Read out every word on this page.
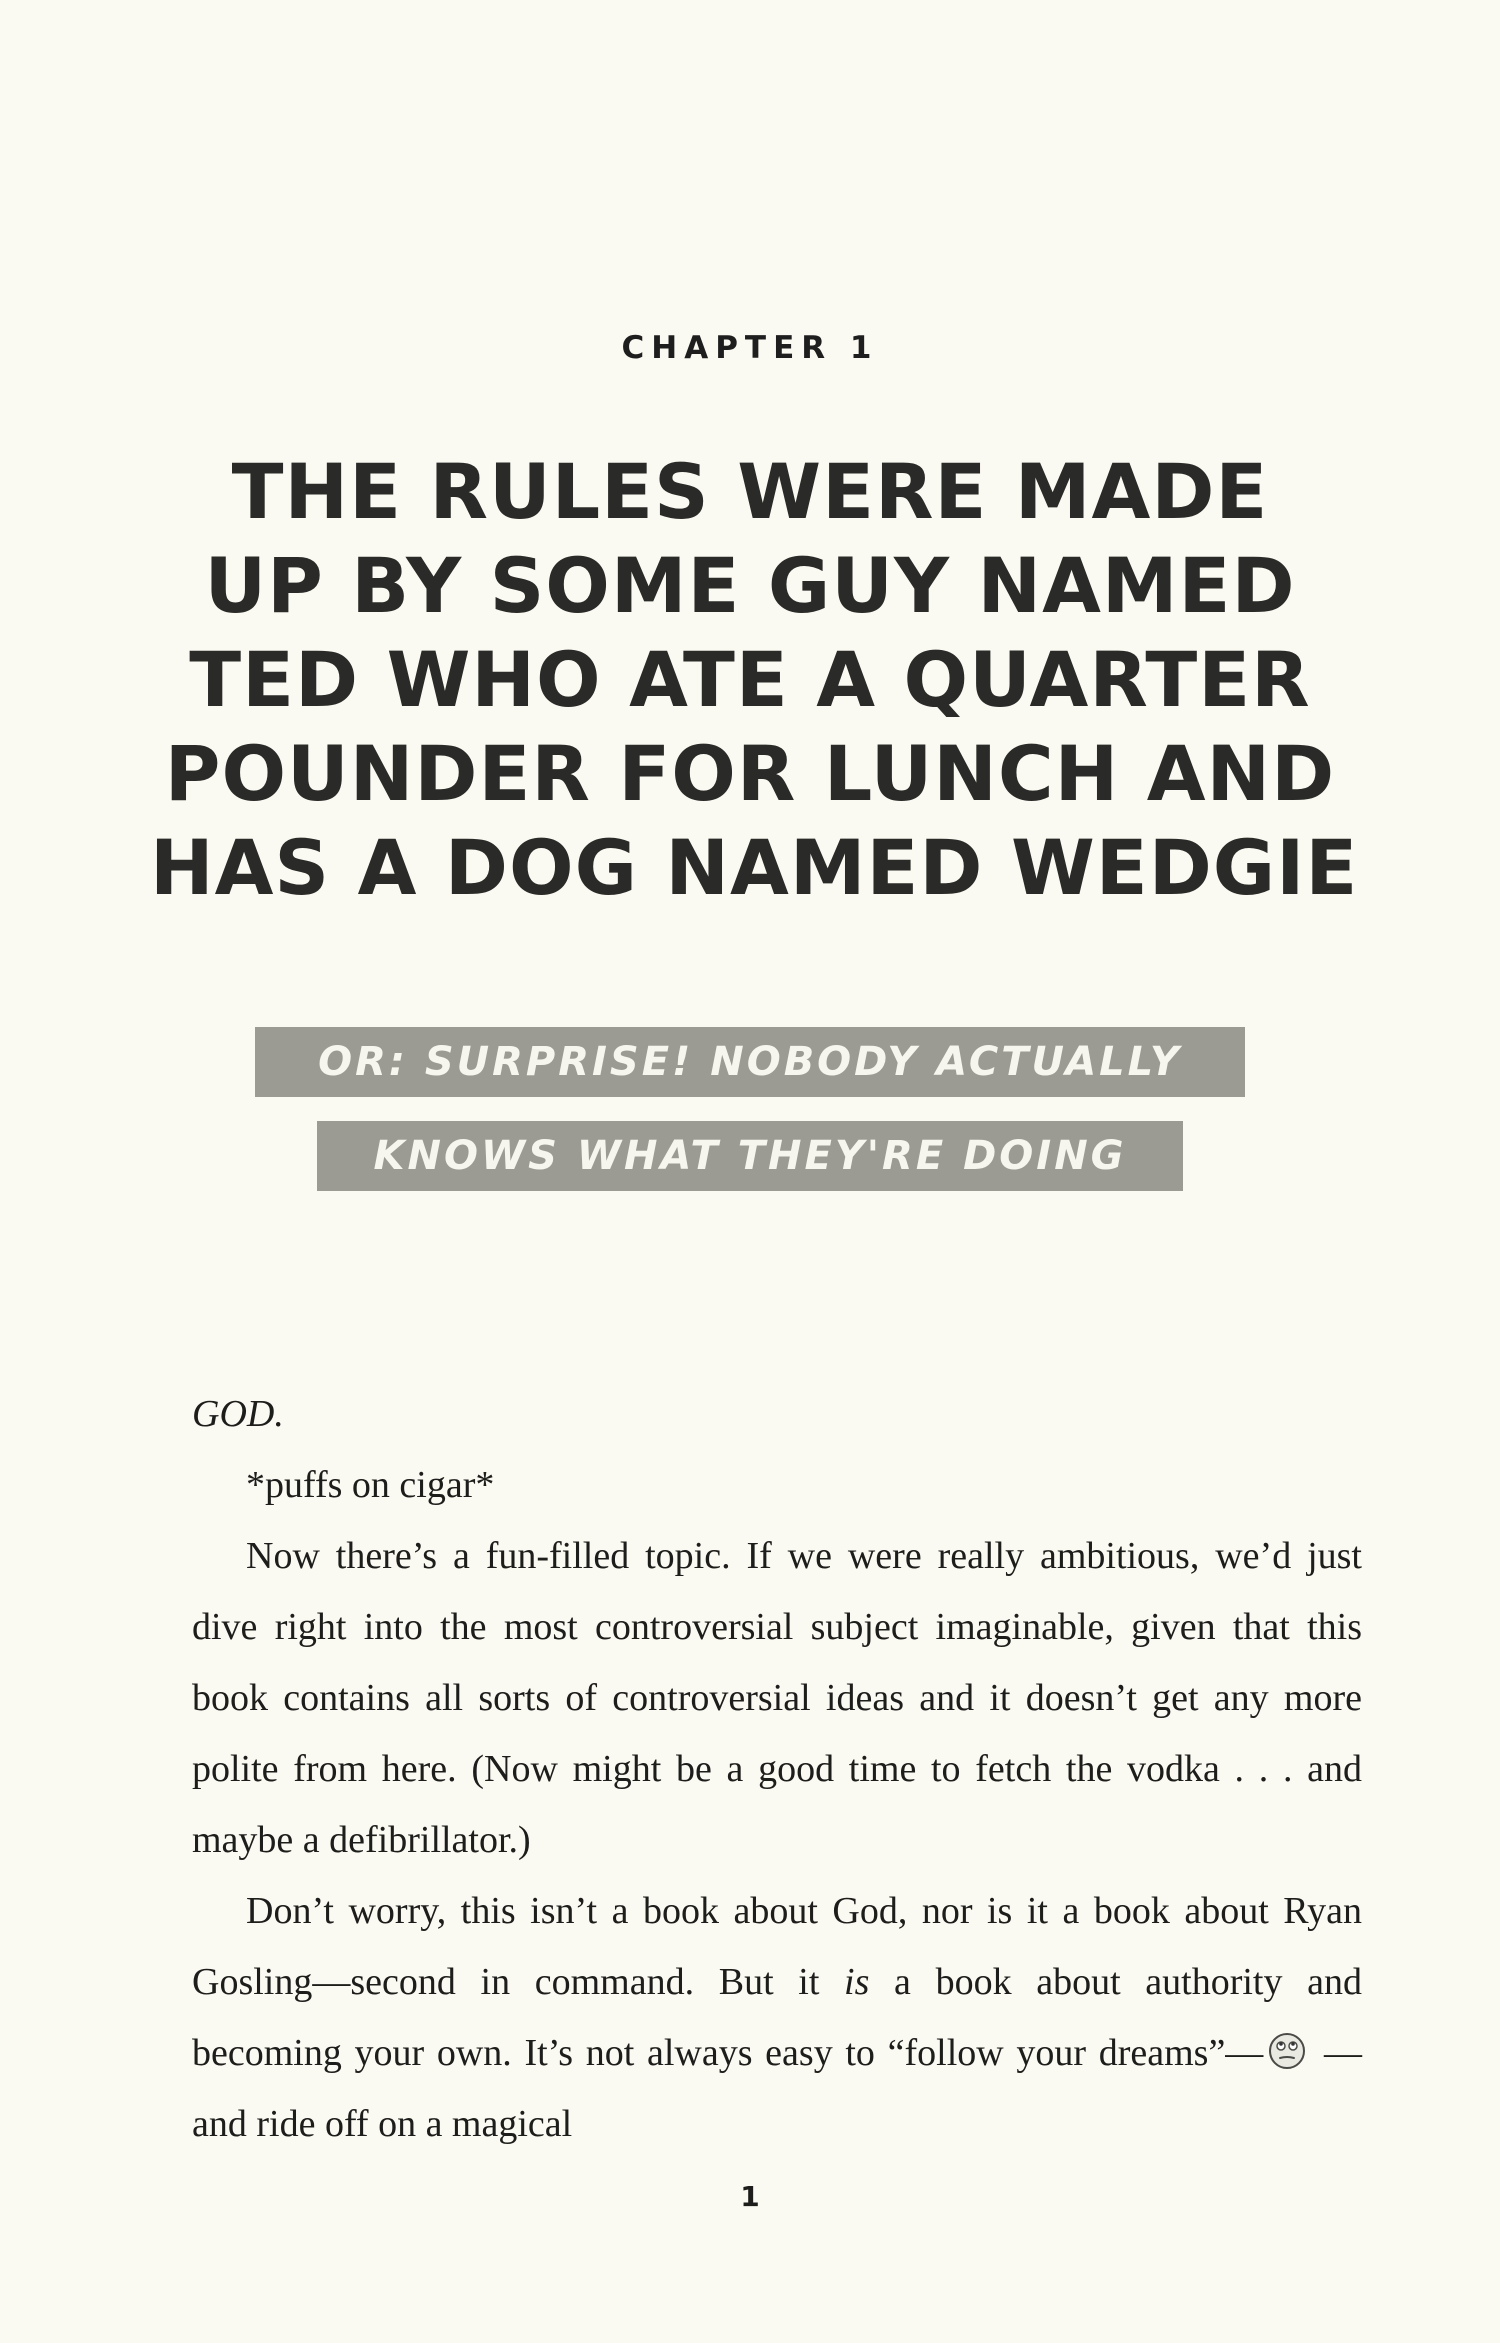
CHAPTER 1
THE RULES WERE MADE
UP BY SOME GUY NAMED
TED WHO ATE A QUARTER
POUNDER FOR LUNCH AND
HAS A DOG NAMED WEDGIE
OR: SURPRISE! NOBODY ACTUALLY
KNOWS WHAT THEY'RE DOING

GOD.

*puffs on cigar*

Now there’s a fun-filled topic. If we were really ambitious, we’d just dive right into the most controversial subject imaginable, given that this book contains all sorts of controversial ideas and it doesn’t get any more polite from here. (Now might be a good time to fetch the vodka . . . and maybe a defibrillator.)

Don’t worry, this isn’t a book about God, nor is it a book about Ryan Gosling—second in command. But it is a book about authority and becoming your own. It’s not always easy to “follow your dreams”— —and ride off on a magical

1
